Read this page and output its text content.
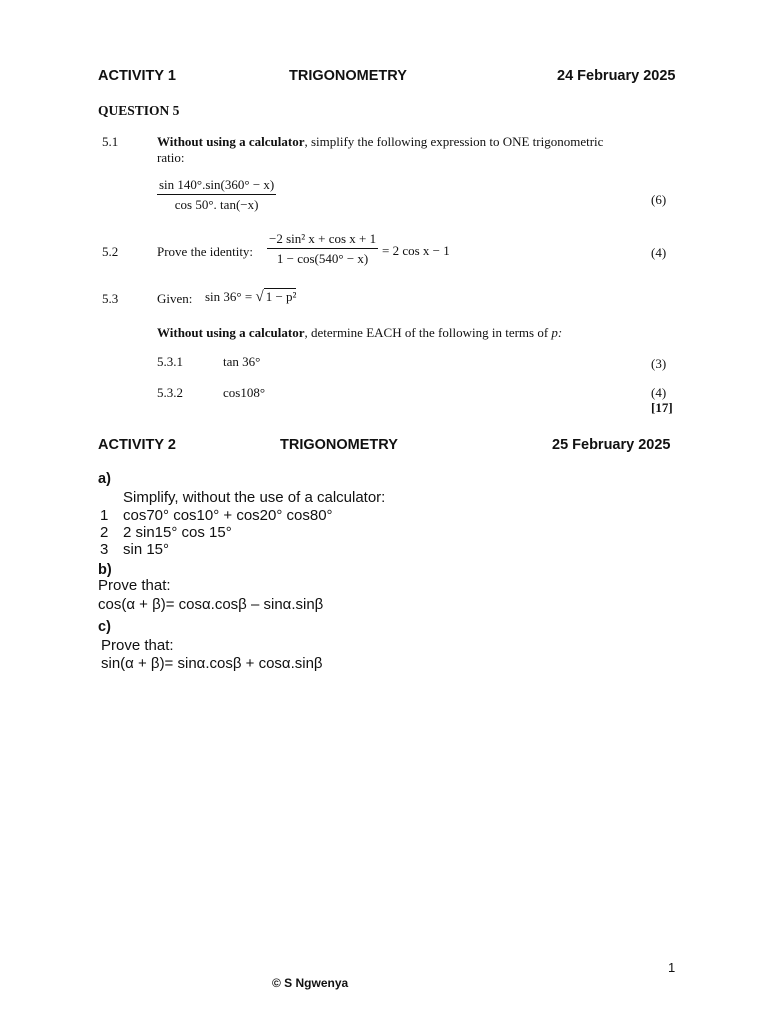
ACTIVITY 1	TRIGONOMETRY	24 February 2025
QUESTION 5
5.1	Without using a calculator, simplify the following expression to ONE trigonometric
ratio:
$\frac{\sin 140^\circ.\sin(360^\circ - x)}{\cos 50^\circ. \tan(-x)}$	(6)
5.2	Prove the identity: $\frac{\text{−2 sin² x + cos x + 1}}{1 - \cos(540^\circ - x)} = 2$ cos x − 1	(4)
5.3	Given: sin 36° = √ 1 − p²
Without using a calculator, determine EACH of the following in terms of p:
5.3.1	tan 36°	(3)
5.3.2	cos108°	(4)
[17]
ACTIVITY 2	TRIGONOMETRY	25 February 2025
a)
Simplify, without the use of a calculator:
1 cos70° cos10° + cos20° cos80°
2 2 sin15° cos 15°
3 sin 15°
b)
Prove that:
cos(α + β)= cosα.cosβ – sinα.sinβ
c)
Prove that:
sin(α + β)= sinα.cosβ + cosα.sinβ
1
© S Ngwenya
